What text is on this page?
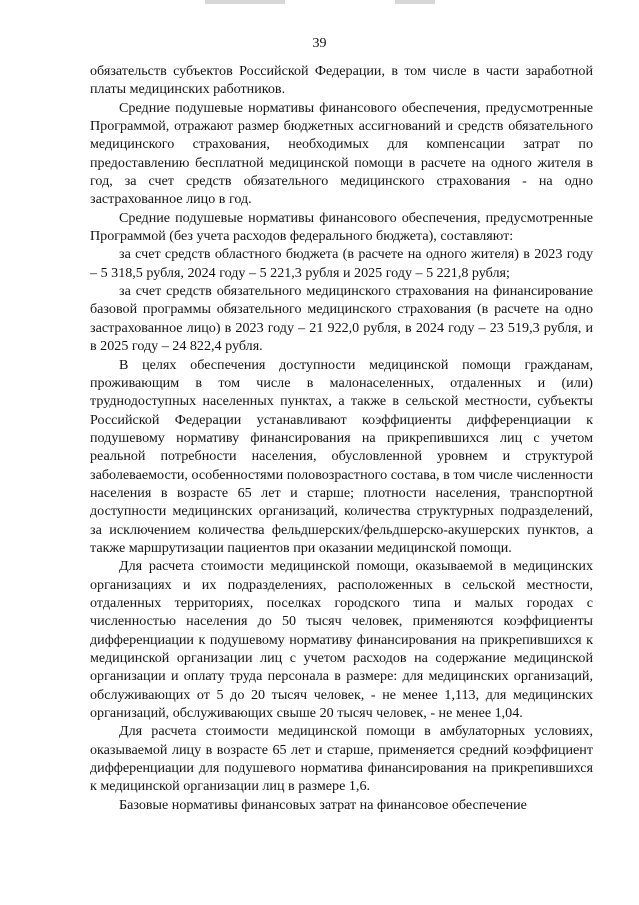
39

обязательств субъектов Российской Федерации, в том числе в части заработной платы медицинских работников.

Средние подушевые нормативы финансового обеспечения, предусмотренные Программой, отражают размер бюджетных ассигнований и средств обязательного медицинского страхования, необходимых для компенсации затрат по предоставлению бесплатной медицинской помощи в расчете на одного жителя в год, за счет средств обязательного медицинского страхования - на одно застрахованное лицо в год.

Средние подушевые нормативы финансового обеспечения, предусмотренные Программой (без учета расходов федерального бюджета), составляют:

за счет средств областного бюджета (в расчете на одного жителя) в 2023 году – 5 318,5 рубля, 2024 году – 5 221,3 рубля и 2025 году – 5 221,8 рубля;

за счет средств обязательного медицинского страхования на финансирование базовой программы обязательного медицинского страхования (в расчете на одно застрахованное лицо) в 2023 году – 21 922,0 рубля, в 2024 году – 23 519,3 рубля, и в 2025 году – 24 822,4 рубля.

В целях обеспечения доступности медицинской помощи гражданам, проживающим в том числе в малонаселенных, отдаленных и (или) труднодоступных населенных пунктах, а также в сельской местности, субъекты Российской Федерации устанавливают коэффициенты дифференциации к подушевому нормативу финансирования на прикрепившихся лиц с учетом реальной потребности населения, обусловленной уровнем и структурой заболеваемости, особенностями половозрастного состава, в том числе численности населения в возрасте 65 лет и старше; плотности населения, транспортной доступности медицинских организаций, количества структурных подразделений, за исключением количества фельдшерских/фельдшерско-акушерских пунктов, а также маршрутизации пациентов при оказании медицинской помощи.

Для расчета стоимости медицинской помощи, оказываемой в медицинских организациях и их подразделениях, расположенных в сельской местности, отдаленных территориях, поселках городского типа и малых городах с численностью населения до 50 тысяч человек, применяются коэффициенты дифференциации к подушевому нормативу финансирования на прикрепившихся к медицинской организации лиц с учетом расходов на содержание медицинской организации и оплату труда персонала в размере: для медицинских организаций, обслуживающих от 5 до 20 тысяч человек, - не менее 1,113, для медицинских организаций, обслуживающих свыше 20 тысяч человек, - не менее 1,04.

Для расчета стоимости медицинской помощи в амбулаторных условиях, оказываемой лицу в возрасте 65 лет и старше, применяется средний коэффициент дифференциации для подушевого норматива финансирования на прикрепившихся к медицинской организации лиц в размере 1,6.

Базовые нормативы финансовых затрат на финансовое обеспечение
